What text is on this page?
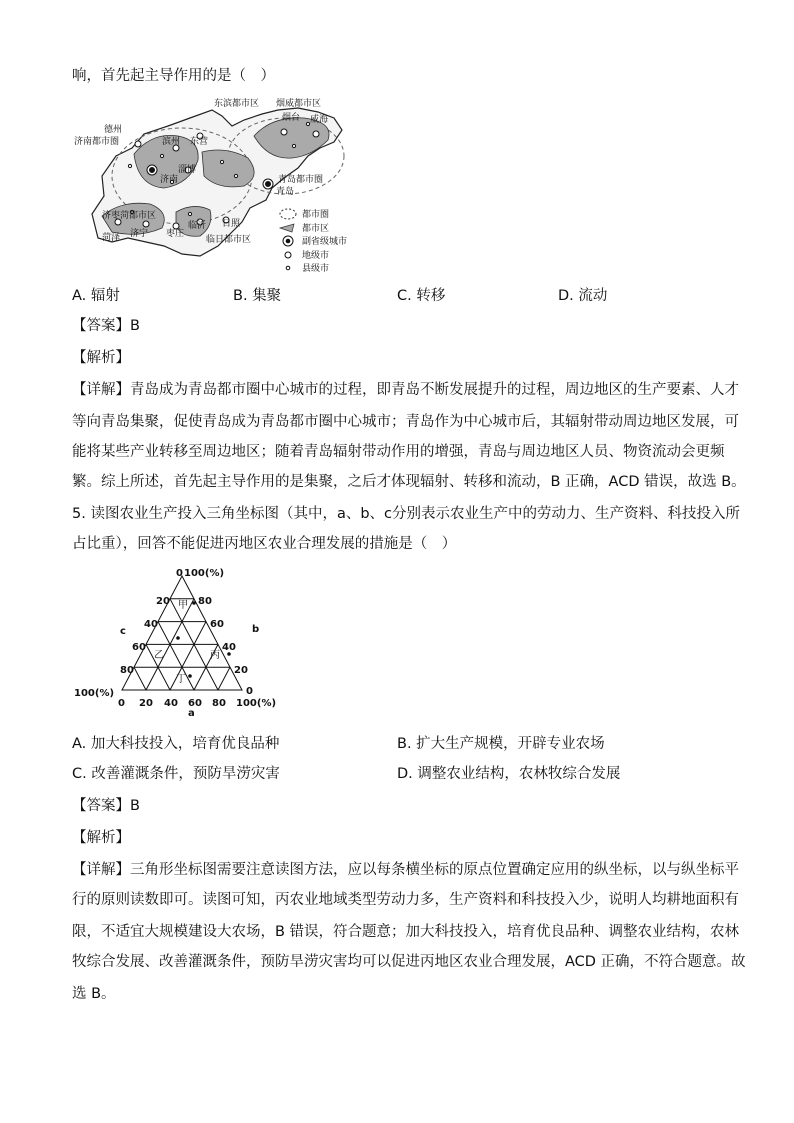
响，首先起主导作用的是（　）
东滨都市区 烟威都市区
烟台 威海
德州
滨州 东营
济南
淄博
济南都市圈
青岛都市圈
青岛
济枣菏都市区
菏泽 济宁 枣庄
临沂 日照
临日都市区
都市圈
都市区
副省级城市
地级市
县级市
A. 辐射	B. 集聚	C. 转移	D. 流动
【答案】B
【解析】
【详解】青岛成为青岛都市圈中心城市的过程，即青岛不断发展提升的过程，周边地区的生产要素、人才
等向青岛集聚，促使青岛成为青岛都市圈中心城市；青岛作为中心城市后，其辐射带动周边地区发展，可
能将某些产业转移至周边地区；随着青岛辐射带动作用的增强，青岛与周边地区人员、物资流动会更频
繁。综上所述，首先起主导作用的是集聚，之后才体现辐射、转移和流动，B 正确，ACD 错误，故选 B。
5. 读图农业生产投入三角坐标图（其中，a、b、c分别表示农业生产中的劳动力、生产资料、科技投入所
占比重），回答不能促进丙地区农业合理发展的措施是（　）
甲
乙	丙
丁
0 100(%)
20
40
60
80
100(%)
80
60
40
20
0
0 20 40 60 80 100(%)
a
b
c
A. 加大科技投入，培育优良品种	B. 扩大生产规模，开辟专业农场
C. 改善灌溉条件，预防旱涝灾害	D. 调整农业结构，农林牧综合发展
【答案】B
【解析】
【详解】三角形坐标图需要注意读图方法，应以每条横坐标的原点位置确定应用的纵坐标，以与纵坐标平
行的原则读数即可。读图可知，丙农业地域类型劳动力多，生产资料和科技投入少，说明人均耕地面积有
限，不适宜大规模建设大农场，B 错误，符合题意；加大科技投入，培育优良品种、调整农业结构，农林
牧综合发展、改善灌溉条件，预防旱涝灾害均可以促进丙地区农业合理发展，ACD 正确，不符合题意。故
选 B。
